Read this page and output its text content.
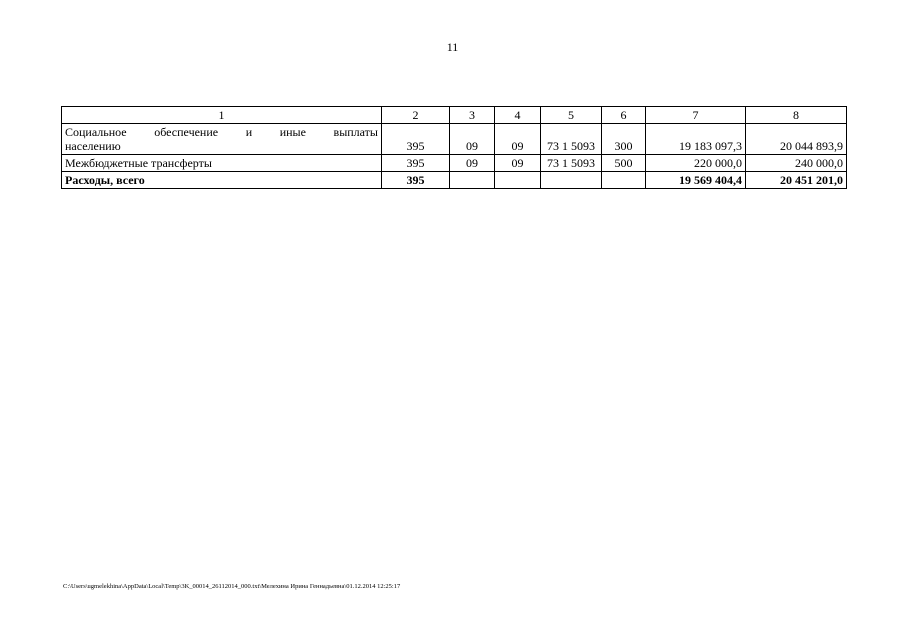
11
1	2	3	4	5	6	7	8

Социальное обеспечение и иные выплаты
населению	395	09	09	73 1 5093	300	19 183 097,3	20 044 893,9
Межбюджетные трансферты	395	09	09	73 1 5093	500	220 000,0	240 000,0
Расходы, всего	395					19 569 404,4	20 451 201,0
C:\Users\ugmelekhina\AppData\Local\Temp\3K_00014_26112014_000.txt\Мелехина Ирина Геннадьевна\01.12.2014 12:25:17
